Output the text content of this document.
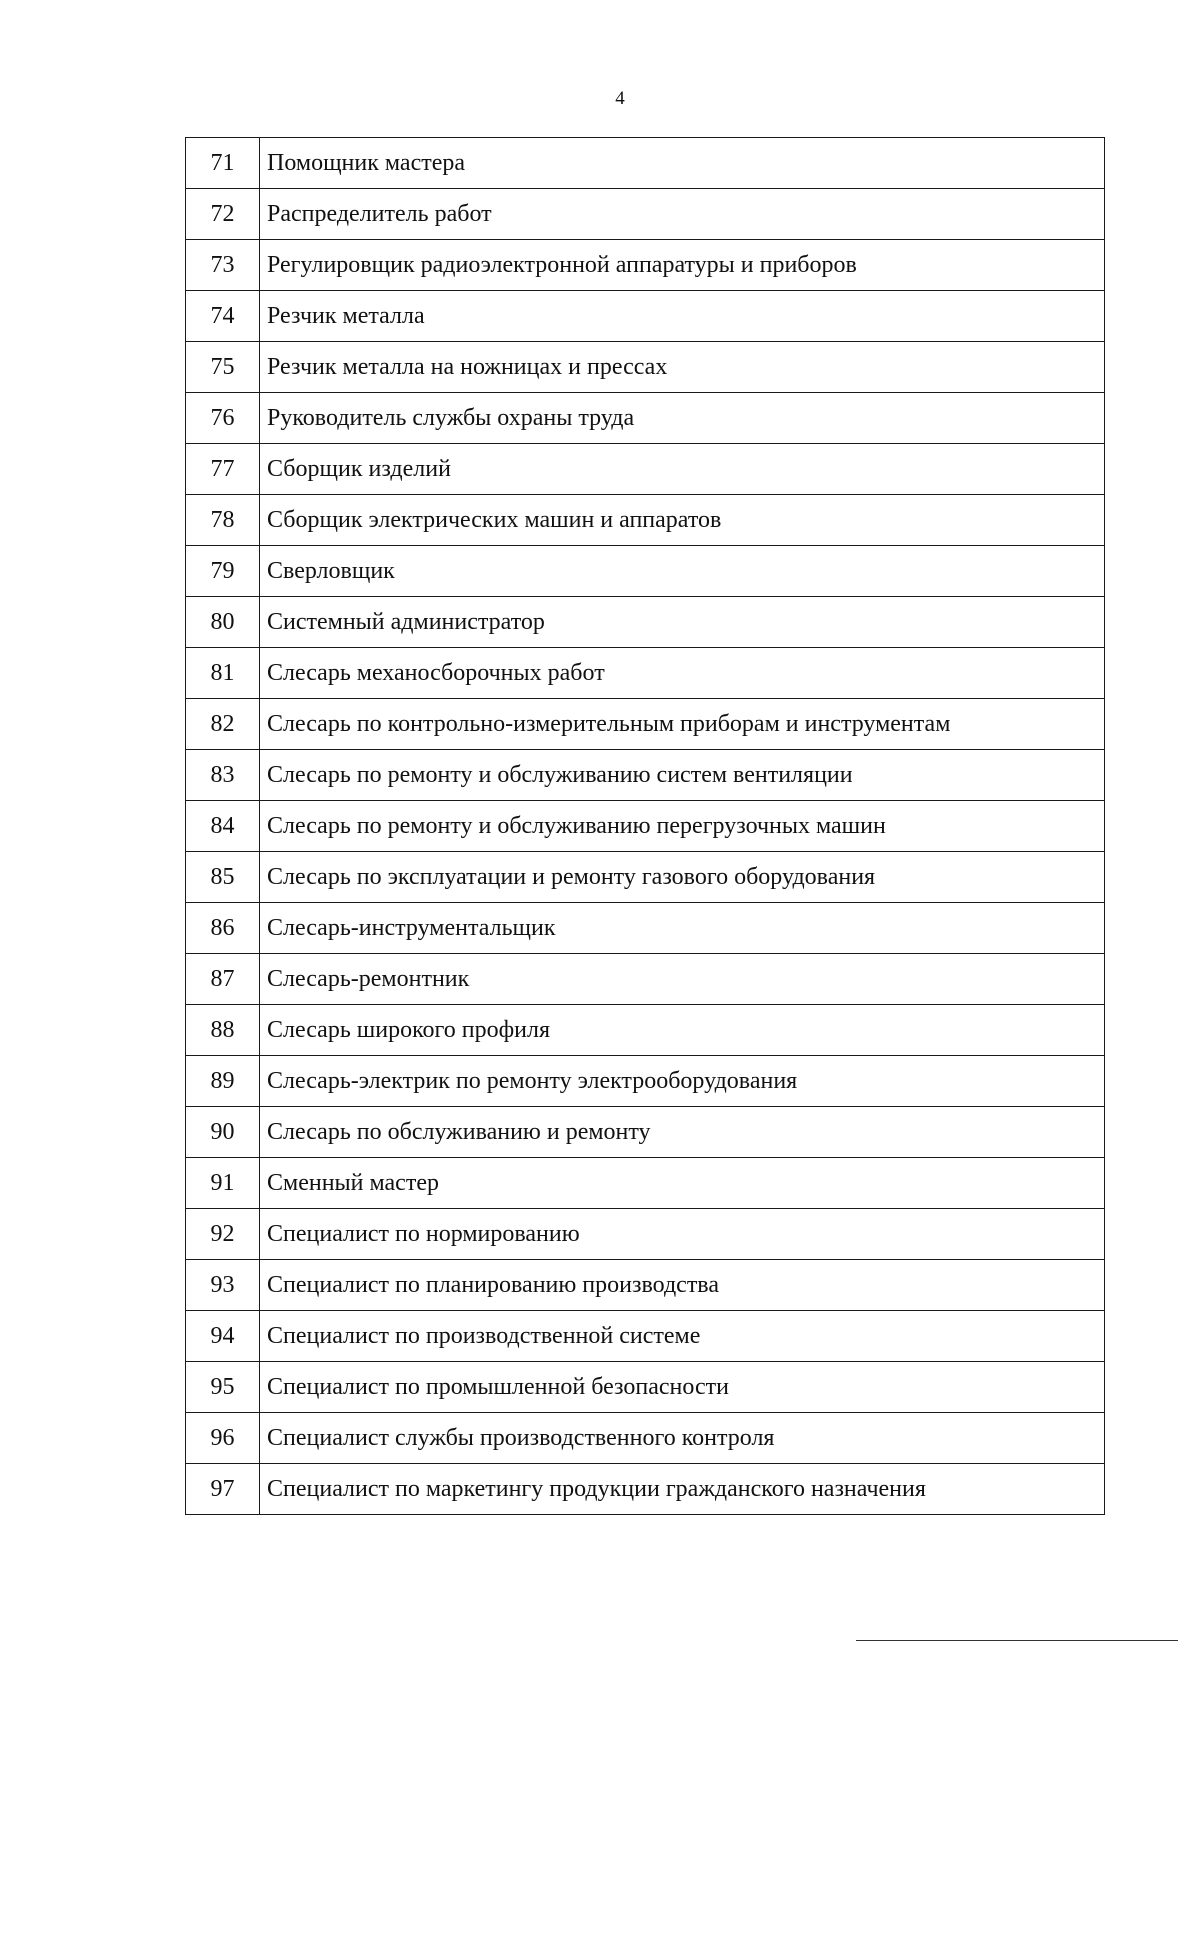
4
71	Помощник мастера
72	Распределитель работ
73	Регулировщик радиоэлектронной аппаратуры и приборов
74	Резчик металла
75	Резчик металла на ножницах и прессах
76	Руководитель службы охраны труда
77	Сборщик изделий
78	Сборщик электрических машин и аппаратов
79	Сверловщик
80	Системный администратор
81	Слесарь механосборочных работ
82	Слесарь по контрольно-измерительным приборам и инструментам
83	Слесарь по ремонту и обслуживанию систем вентиляции
84	Слесарь по ремонту и обслуживанию перегрузочных машин
85	Слесарь по эксплуатации и ремонту газового оборудования
86	Слесарь-инструментальщик
87	Слесарь-ремонтник
88	Слесарь широкого профиля
89	Слесарь-электрик по ремонту электрооборудования
90	Слесарь по обслуживанию и ремонту
91	Сменный мастер
92	Специалист по нормированию
93	Специалист по планированию производства
94	Специалист по производственной системе
95	Специалист по промышленной безопасности
96	Специалист службы производственного контроля
97	Специалист по маркетингу продукции гражданского назначения
